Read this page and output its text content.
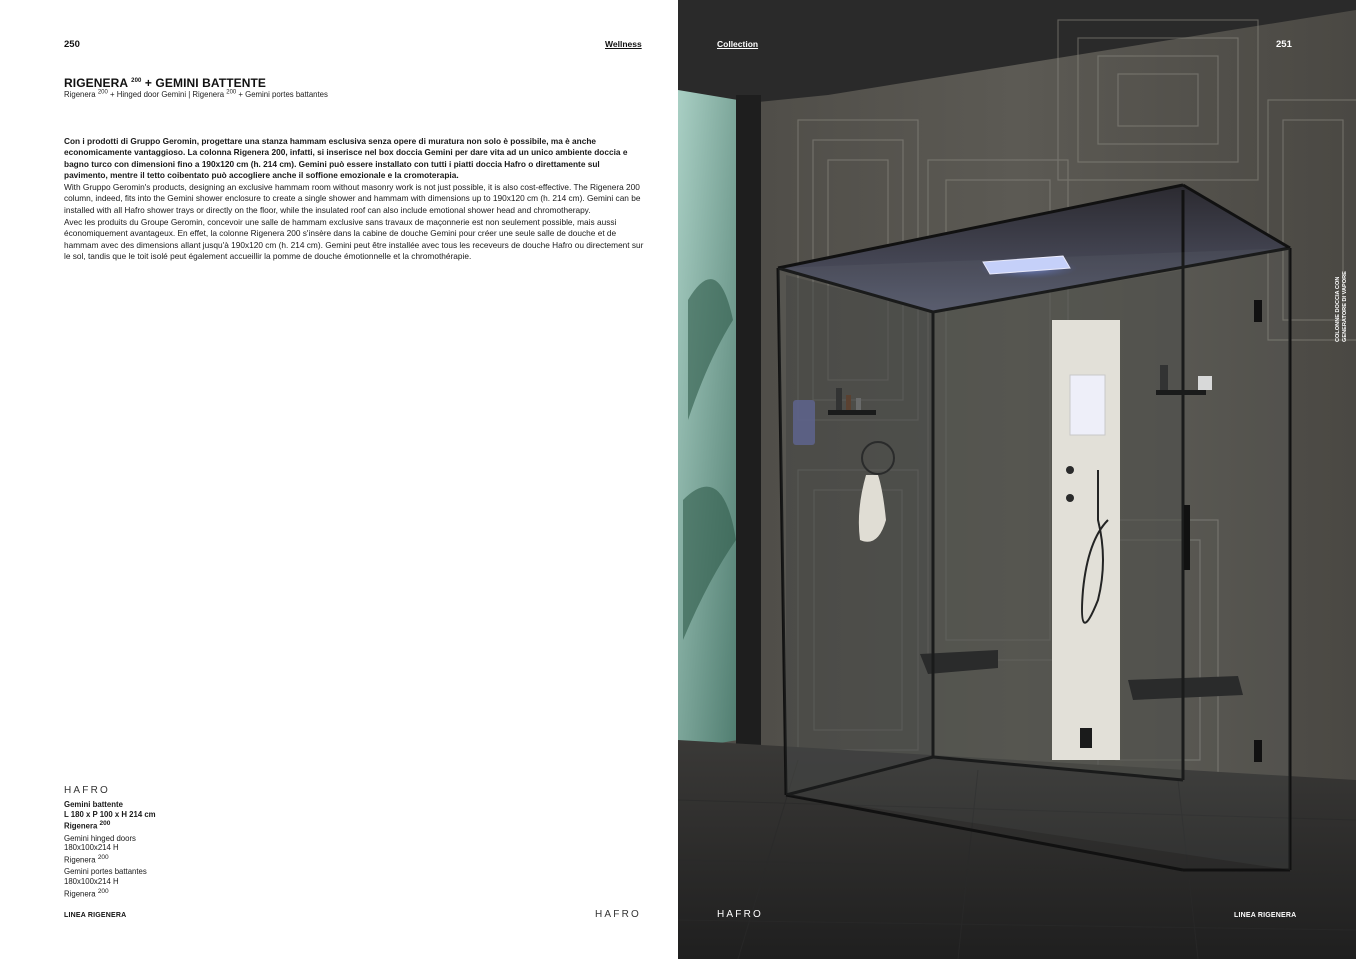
250	Wellness
RIGENERA $^{200}$ + GEMINI BATTENTE
Rigenera $^{200}$ + Hinged door Gemini | Rigenera $^{200}$ + Gemini portes battantes

Con i prodotti di Gruppo Geromin, progettare una stanza hammam esclusiva senza opere di muratura non solo è possibile, ma è anche economicamente vantaggioso. La colonna Rigenera 200, infatti, si inserisce nel box doccia Gemini per dare vita ad un unico ambiente doccia e bagno turco con dimensioni fino a 190x120 cm (h. 214 cm). Gemini può essere installato con tutti i piatti doccia Hafro o direttamente sul pavimento, mentre il tetto coibentato può accogliere anche il soffione emozionale e la cromoterapia.

With Gruppo Geromin's products, designing an exclusive hammam room without masonry work is not just possible, it is also cost-effective. The Rigenera 200 column, indeed, fits into the Gemini shower enclosure to create a single shower and hammam with dimensions up to 190x120 cm (h. 214 cm). Gemini can be installed with all Hafro shower trays or directly on the floor, while the insulated roof can also include emotional shower head and chromotherapy.

Avec les produits du Groupe Geromin, concevoir une salle de hammam exclusive sans travaux de maçonnerie est non seulement possible, mais aussi économiquement avantageux. En effet, la colonne Rigenera 200 s'insère dans la cabine de douche Gemini pour créer une seule salle de douche et de hammam avec des dimensions allant jusqu'à 190x120 cm (h. 214 cm). Gemini peut être installée avec tous les receveurs de douche Hafro ou directement sur le sol, tandis que le toit isolé peut également accueillir la pomme de douche émotionnelle et la chromothérapie.

HAFRO
Gemini battente
L 180 x P 100 x H 214 cm
Rigenera $^{200}$
Gemini hinged doors
180x100x214 H
Rigenera $^{200}$
Gemini portes battantes
180x100x214 H
Rigenera $^{200}$
LINEA RIGENERA	HAFRO
Collection	251
COLONNE DOCCIA CON GENERATORE DI VAPORE
HAFRO	LINEA RIGENERA
